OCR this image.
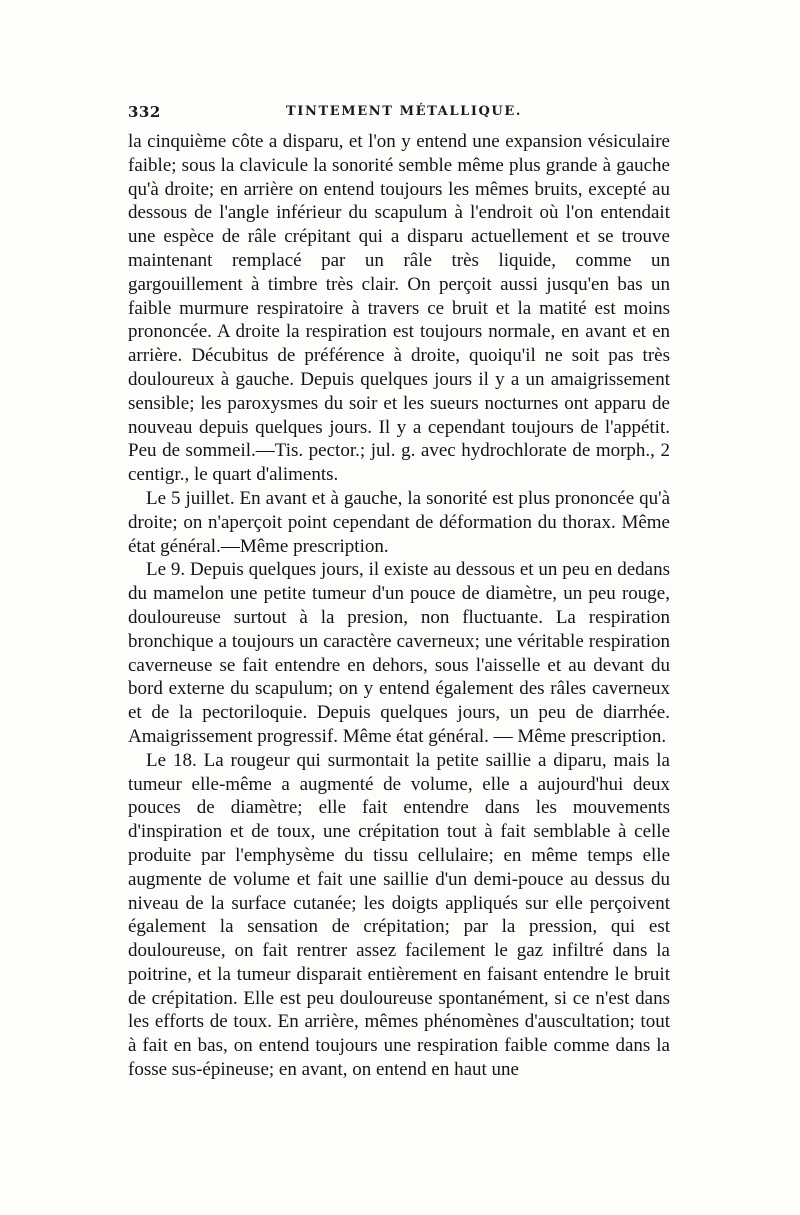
332	TINTEMENT MÉTALLIQUE.

la cinquième côte a disparu, et l'on y entend une expansion vésiculaire faible; sous la clavicule la sonorité semble même plus grande à gauche qu'à droite; en arrière on entend toujours les mêmes bruits, excepté au dessous de l'angle inférieur du scapulum à l'endroit où l'on entendait une espèce de râle crépitant qui a disparu actuellement et se trouve maintenant remplacé par un râle très liquide, comme un gargouillement à timbre très clair. On perçoit aussi jusqu'en bas un faible murmure respiratoire à travers ce bruit et la matité est moins prononcée. A droite la respiration est toujours normale, en avant et en arrière. Décubitus de préférence à droite, quoiqu'il ne soit pas très douloureux à gauche. Depuis quelques jours il y a un amaigrissement sensible; les paroxysmes du soir et les sueurs nocturnes ont apparu de nouveau depuis quelques jours. Il y a cependant toujours de l'appétit. Peu de sommeil.—Tis. pector.; jul. g. avec hydrochlorate de morph., 2 centigr., le quart d'aliments.

Le 5 juillet. En avant et à gauche, la sonorité est plus prononcée qu'à droite; on n'aperçoit point cependant de déformation du thorax. Même état général.—Même prescription.

Le 9. Depuis quelques jours, il existe au dessous et un peu en dedans du mamelon une petite tumeur d'un pouce de diamètre, un peu rouge, douloureuse surtout à la presion, non fluctuante. La respiration bronchique a toujours un caractère caverneux; une véritable respiration caverneuse se fait entendre en dehors, sous l'aisselle et au devant du bord externe du scapulum; on y entend également des râles caverneux et de la pectoriloquie. Depuis quelques jours, un peu de diarrhée. Amaigrissement progressif. Même état général. — Même prescription.

Le 18. La rougeur qui surmontait la petite saillie a diparu, mais la tumeur elle-même a augmenté de volume, elle a aujourd'hui deux pouces de diamètre; elle fait entendre dans les mouvements d'inspiration et de toux, une crépitation tout à fait semblable à celle produite par l'emphysème du tissu cellulaire; en même temps elle augmente de volume et fait une saillie d'un demi-pouce au dessus du niveau de la surface cutanée; les doigts appliqués sur elle perçoivent également la sensation de crépitation; par la pression, qui est douloureuse, on fait rentrer assez facilement le gaz infiltré dans la poitrine, et la tumeur disparait entièrement en faisant entendre le bruit de crépitation. Elle est peu douloureuse spontanément, si ce n'est dans les efforts de toux. En arrière, mêmes phénomènes d'auscultation; tout à fait en bas, on entend toujours une respiration faible comme dans la fosse sus-épineuse; en avant, on entend en haut une
